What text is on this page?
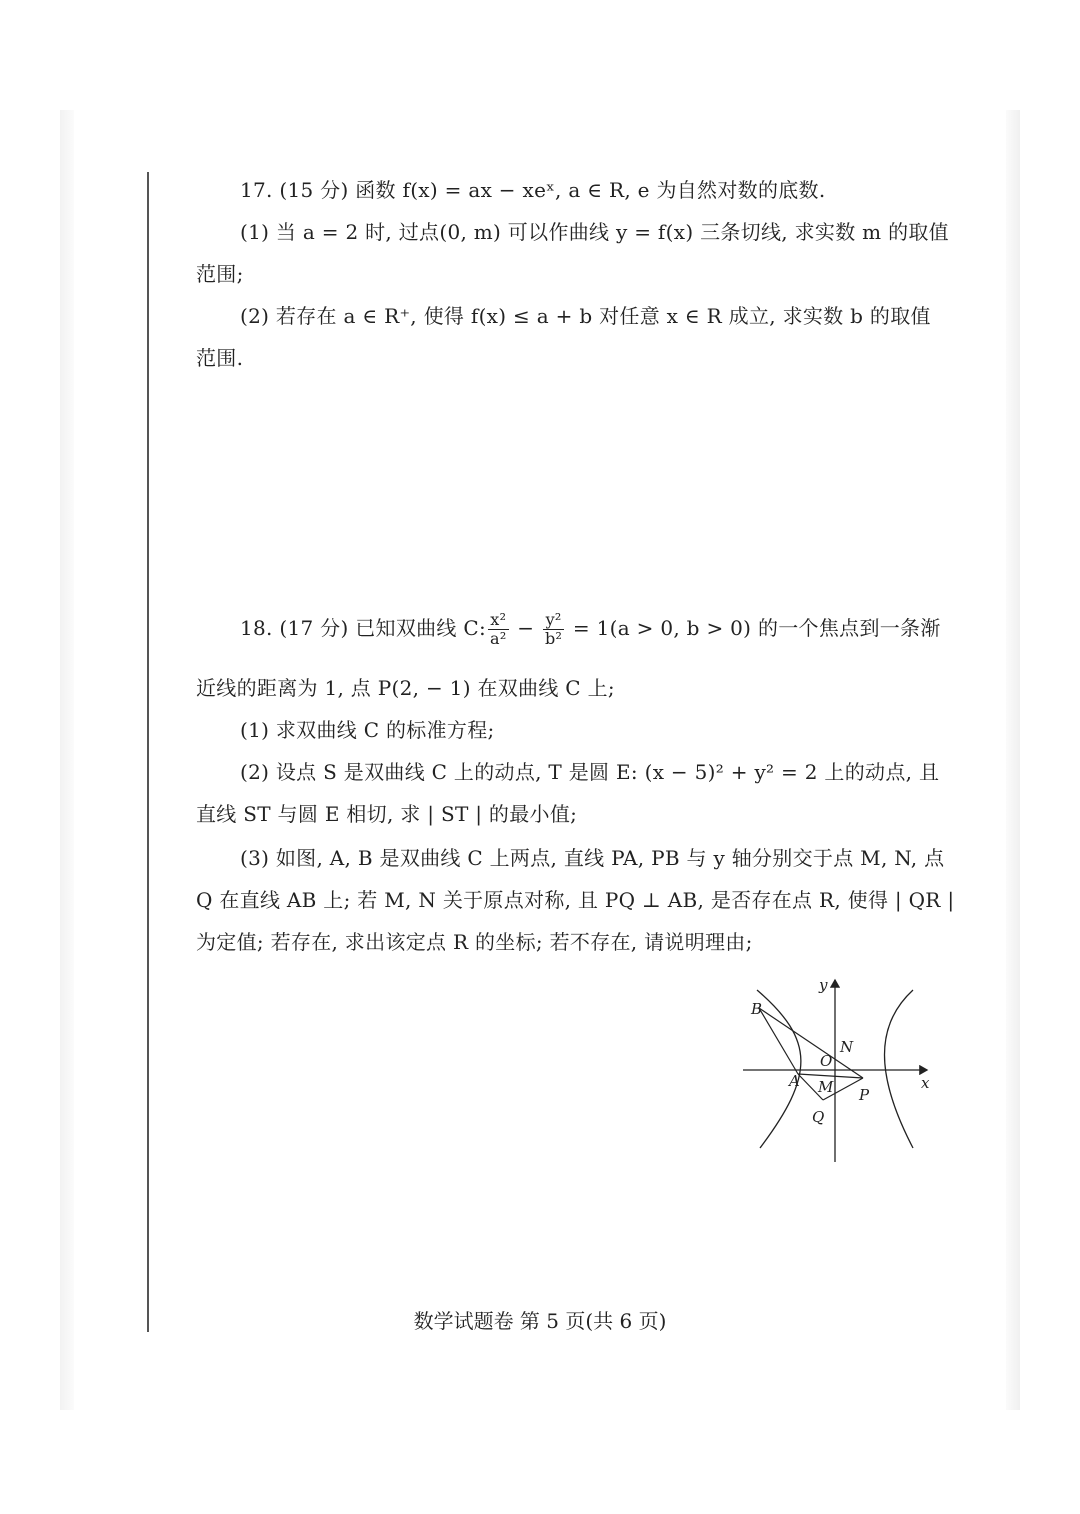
17. (15 分) 函数 f(x) = ax − xeˣ, a ∈ R, e 为自然对数的底数.
(1) 当 a = 2 时, 过点(0, m) 可以作曲线 y = f(x) 三条切线, 求实数 m 的取值
范围;
(2) 若存在 a ∈ R⁺, 使得 f(x) ≤ a + b 对任意 x ∈ R 成立, 求实数 b 的取值
范围.
18. (17 分) 已知双曲线 C: $\frac{\text{x²}}{\text{a²}} - \frac{\text{y²}}{\text{b²}} = 1(a > 0$, b > 0) 的一个焦点到一条渐
近线的距离为 1, 点 P(2, − 1) 在双曲线 C 上;
(1) 求双曲线 C 的标准方程;
(2) 设点 S 是双曲线 C 上的动点, T 是圆 E: (x − 5)² + y² = 2 上的动点, 且
直线 ST 与圆 E 相切, 求 | ST | 的最小值;
(3) 如图, A, B 是双曲线 C 上两点, 直线 PA, PB 与 y 轴分别交于点 M, N, 点
Q 在直线 AB 上; 若 M, N 关于原点对称, 且 PQ ⊥ AB, 是否存在点 R, 使得 | QR |
为定值; 若存在, 求出该定点 R 的坐标; 若不存在, 请说明理由;
y
x
B
N
O
A M P
Q
数学试题卷 第 5 页(共 6 页)
